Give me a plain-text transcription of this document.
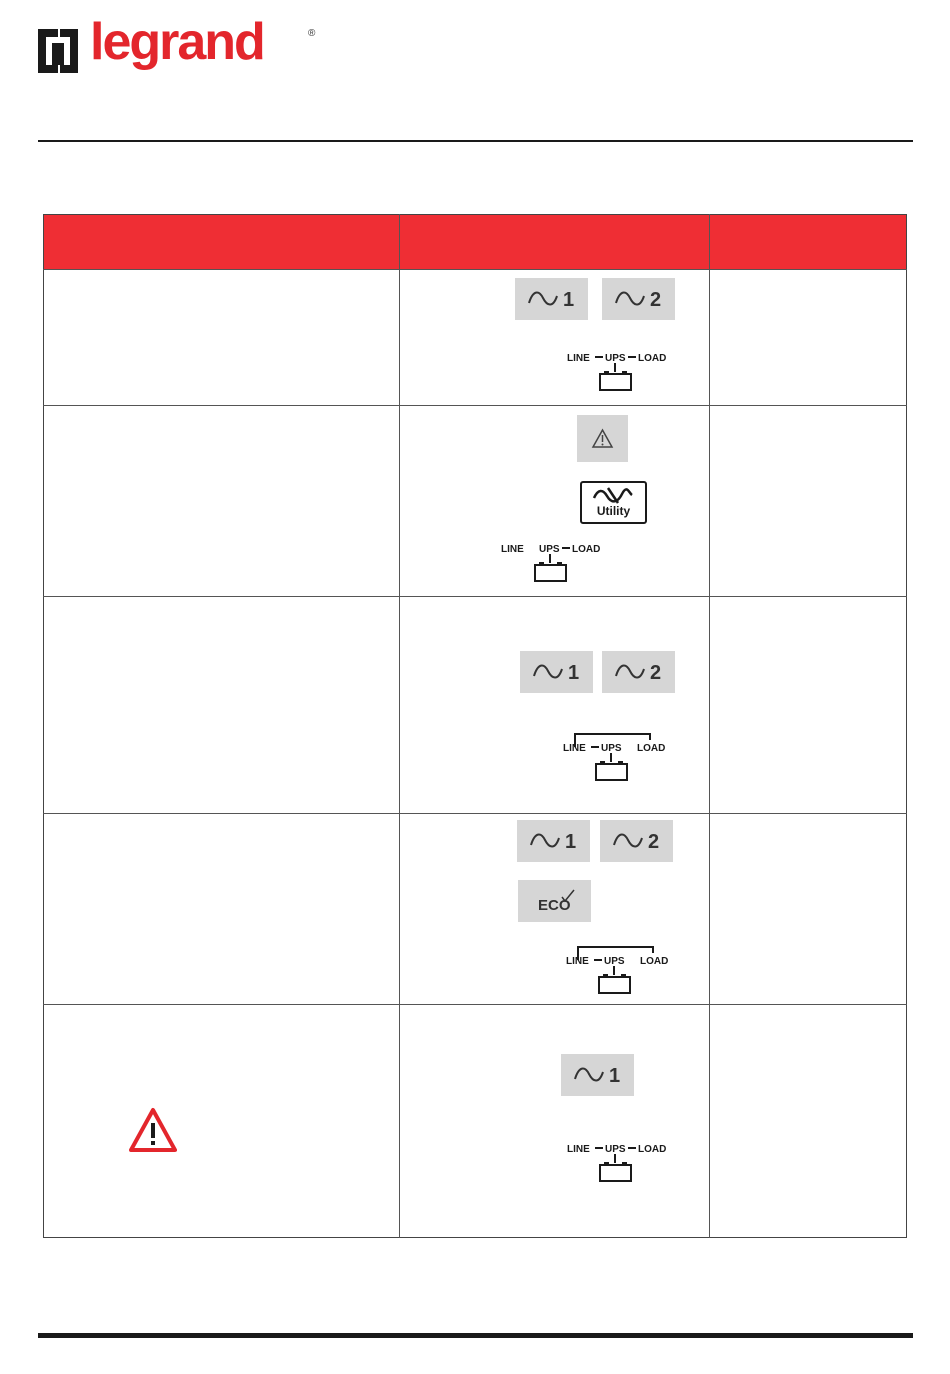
legrand	®
1	2
LINE UPS LOAD
Utility
LINE UPS LOAD
1	2
LINE UPS LOAD
1	2
ECO
LINE UPS LOAD
1
LINE UPS LOAD
